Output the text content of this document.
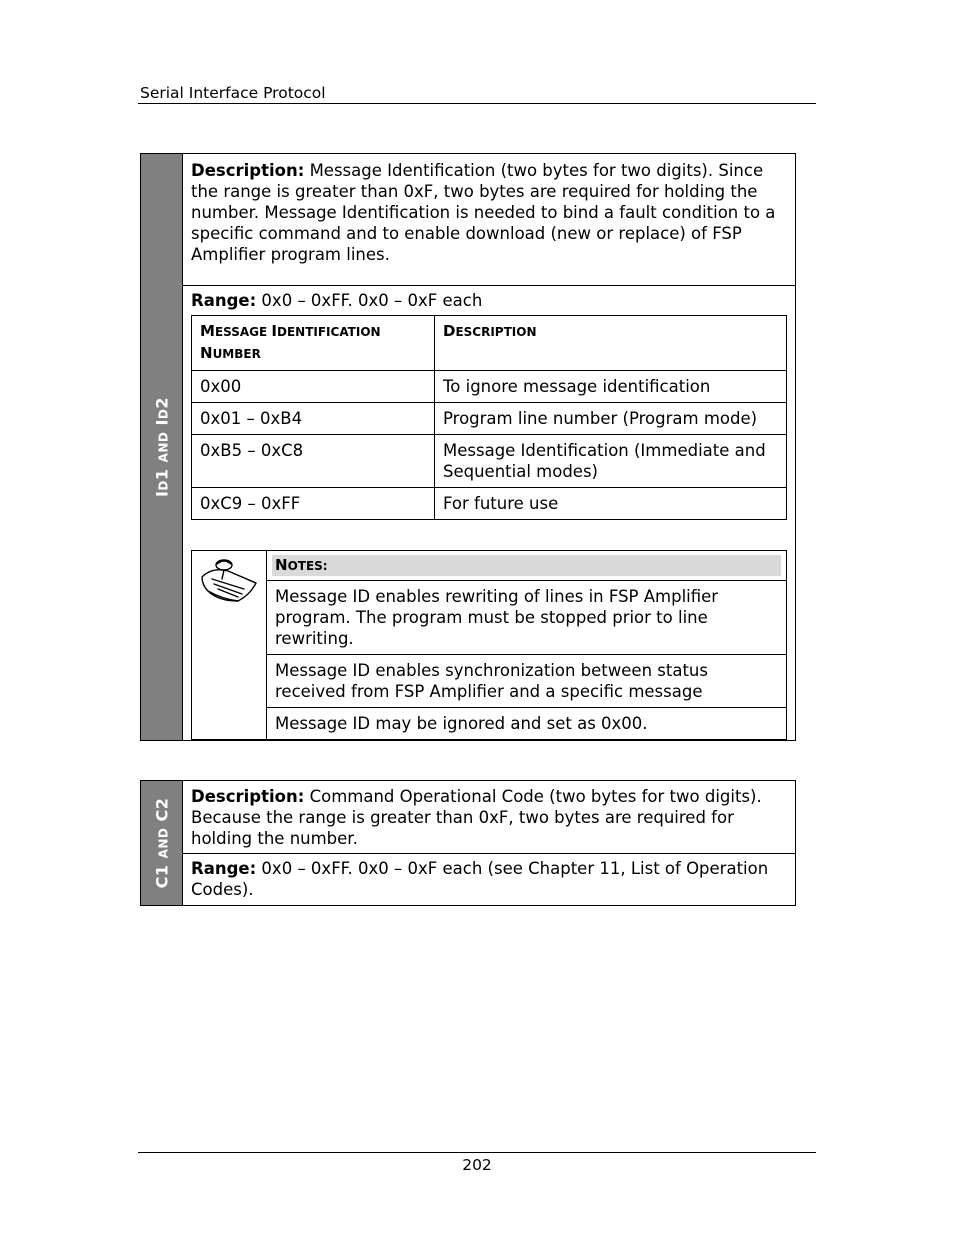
Serial Interface Protocol
ID1 AND ID2
Description: Message Identification (two bytes for two digits). Since the range is greater than 0xF, two bytes are required for holding the number. Message Identification is needed to bind a fault condition to a specific command and to enable download (new or replace) of FSP Amplifier program lines.
Range: 0x0 – 0xFF. 0x0 – 0xF each
MESSAGE IDENTIFICATION
NUMBER	DESCRIPTION
0x00	To ignore message identification
0x01 – 0xB4	Program line number (Program mode)
0xB5 – 0xC8	Message Identification (Immediate and Sequential modes)
0xC9 – 0xFF	For future use

NOTES:

Message ID enables rewriting of lines in FSP Amplifier program. The program must be stopped prior to line rewriting.
Message ID enables synchronization between status received from FSP Amplifier and a specific message
Message ID may be ignored and set as 0x00.
C1 AND C2
Description: Command Operational Code (two bytes for two digits). Because the range is greater than 0xF, two bytes are required for holding the number.
Range: 0x0 – 0xFF. 0x0 – 0xF each (see Chapter 11, List of Operation Codes).
202
